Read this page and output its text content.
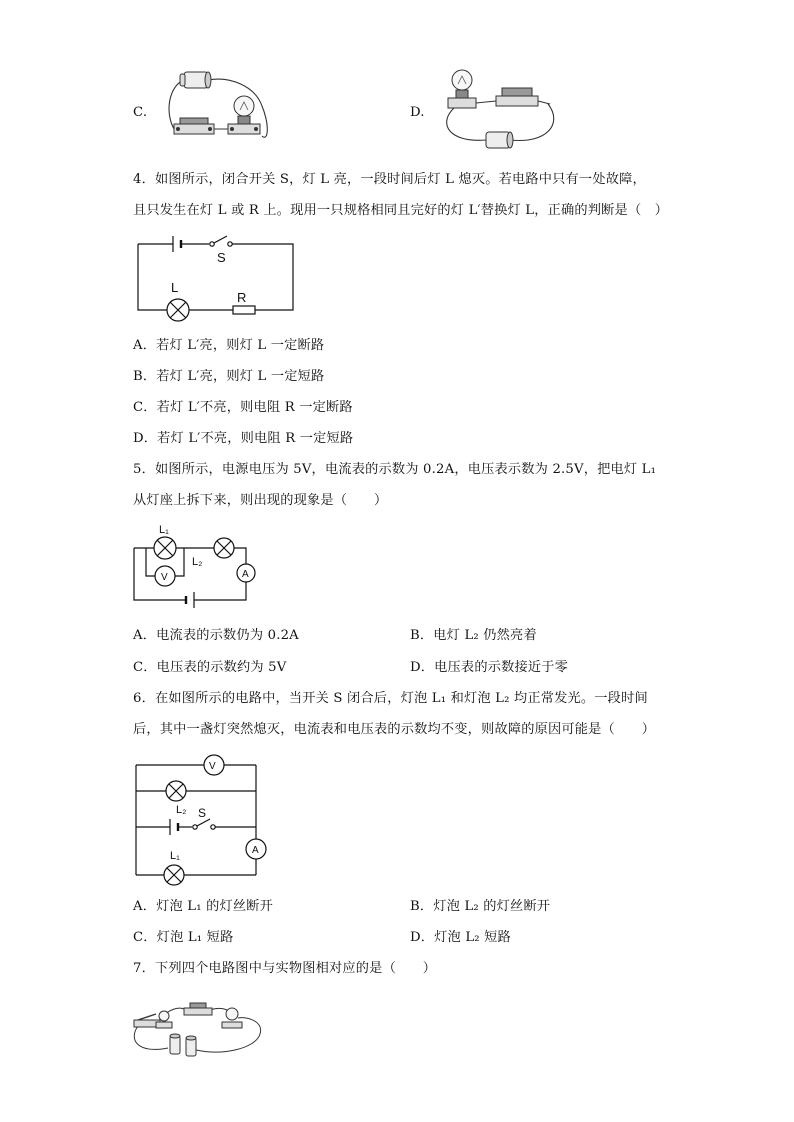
C.	D.
4．如图所示，闭合开关 S，灯 L 亮，一段时间后灯 L 熄灭。若电路中只有一处故障，
且只发生在灯 L 或 R 上。现用一只规格相同且完好的灯 L′替换灯 L，正确的判断是（　）
S
L
R
A．若灯 L′亮，则灯 L 一定断路
B．若灯 L′亮，则灯 L 一定短路
C．若灯 L′不亮，则电阻 R 一定断路
D．若灯 L′不亮，则电阻 R 一定短路
5．如图所示，电源电压为 5V，电流表的示数为 0.2A，电压表示数为 2.5V，把电灯 L₁
从灯座上拆下来，则出现的现象是（　　）
L₁
L₂
V	A
A．电流表的示数仍为 0.2A	B．电灯 L₂ 仍然亮着
C．电压表的示数约为 5V	D．电压表的示数接近于零
6．在如图所示的电路中，当开关 S 闭合后，灯泡 L₁ 和灯泡 L₂ 均正常发光。一段时间
后，其中一盏灯突然熄灭，电流表和电压表的示数均不变，则故障的原因可能是（　　）
V
L₂ S
A
L₁
A．灯泡 L₁ 的灯丝断开	B．灯泡 L₂ 的灯丝断开
C．灯泡 L₁ 短路	D．灯泡 L₂ 短路
7．下列四个电路图中与实物图相对应的是（　　）
